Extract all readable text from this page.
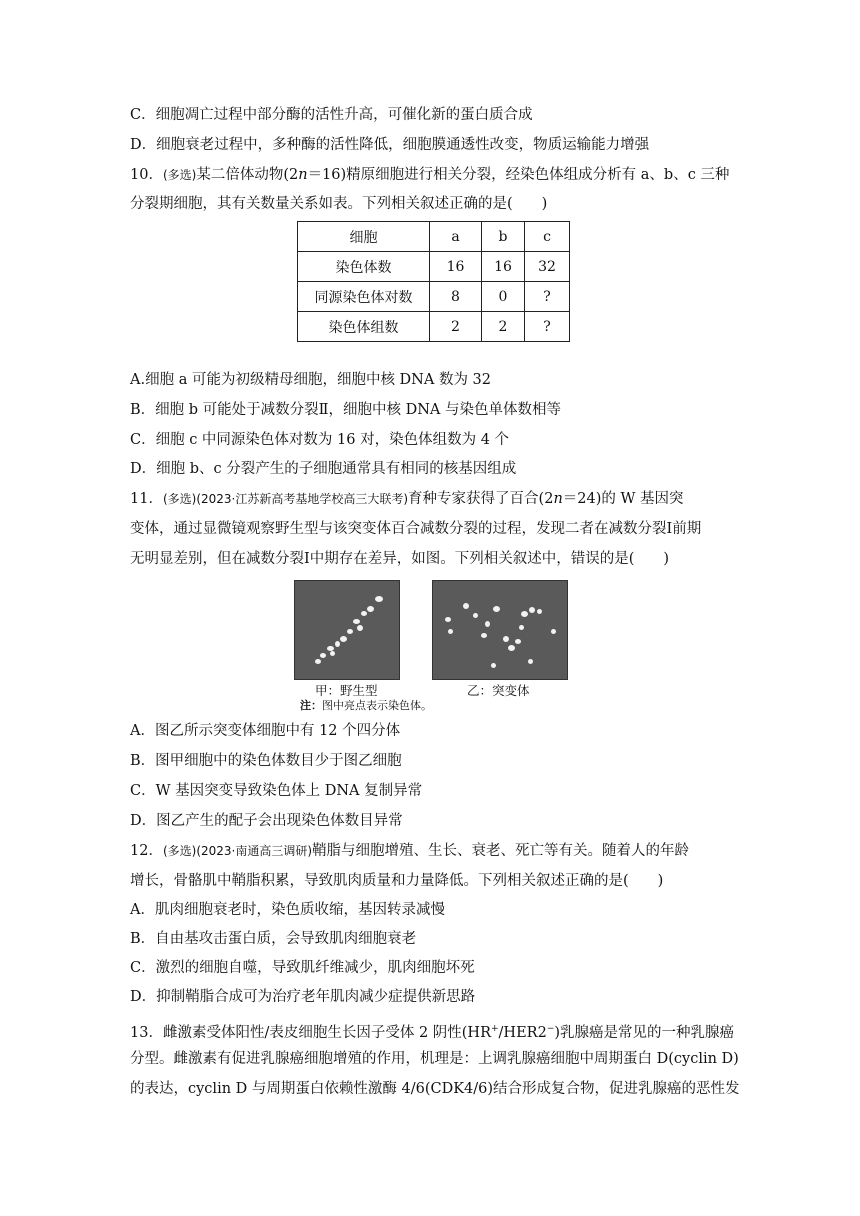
C．细胞凋亡过程中部分酶的活性升高，可催化新的蛋白质合成
D．细胞衰老过程中，多种酶的活性降低，细胞膜通透性改变，物质运输能力增强
10．(多选)某二倍体动物(2n＝16)精原细胞进行相关分裂，经染色体组成分析有 a、b、c 三种
分裂期细胞，其有关数量关系如表。下列相关叙述正确的是(　　)
细胞	a	b	c
染色体数	16	16	32
同源染色体对数	8	0	?
染色体组数	2	2	?
A.细胞 a 可能为初级精母细胞，细胞中核 DNA 数为 32
B．细胞 b 可能处于减数分裂Ⅱ，细胞中核 DNA 与染色单体数相等
C．细胞 c 中同源染色体对数为 16 对，染色体组数为 4 个
D．细胞 b、c 分裂产生的子细胞通常具有相同的核基因组成
11．(多选)(2023·江苏新高考基地学校高三大联考)育种专家获得了百合(2n＝24)的 W 基因突
变体，通过显微镜观察野生型与该突变体百合减数分裂的过程，发现二者在减数分裂Ⅰ前期
无明显差别，但在减数分裂Ⅰ中期存在差异，如图。下列相关叙述中，错误的是(　　)
甲：野生型	乙：突变体
注：图中亮点表示染色体。
A．图乙所示突变体细胞中有 12 个四分体
B．图甲细胞中的染色体数目少于图乙细胞
C．W 基因突变导致染色体上 DNA 复制异常
D．图乙产生的配子会出现染色体数目异常
12．(多选)(2023·南通高三调研)鞘脂与细胞增殖、生长、衰老、死亡等有关。随着人的年龄
增长，骨骼肌中鞘脂积累，导致肌肉质量和力量降低。下列相关叙述正确的是(　　)
A．肌肉细胞衰老时，染色质收缩，基因转录减慢
B．自由基攻击蛋白质，会导致肌肉细胞衰老
C．激烈的细胞自噬，导致肌纤维减少，肌肉细胞坏死
D．抑制鞘脂合成可为治疗老年肌肉减少症提供新思路
13．雌激素受体阳性/表皮细胞生长因子受体 2 阴性(HR+/HER2−)乳腺癌是常见的一种乳腺癌
分型。雌激素有促进乳腺癌细胞增殖的作用，机理是：上调乳腺癌细胞中周期蛋白 D(cyclin D)
的表达，cyclin D 与周期蛋白依赖性激酶 4/6(CDK4/6)结合形成复合物，促进乳腺癌的恶性发
